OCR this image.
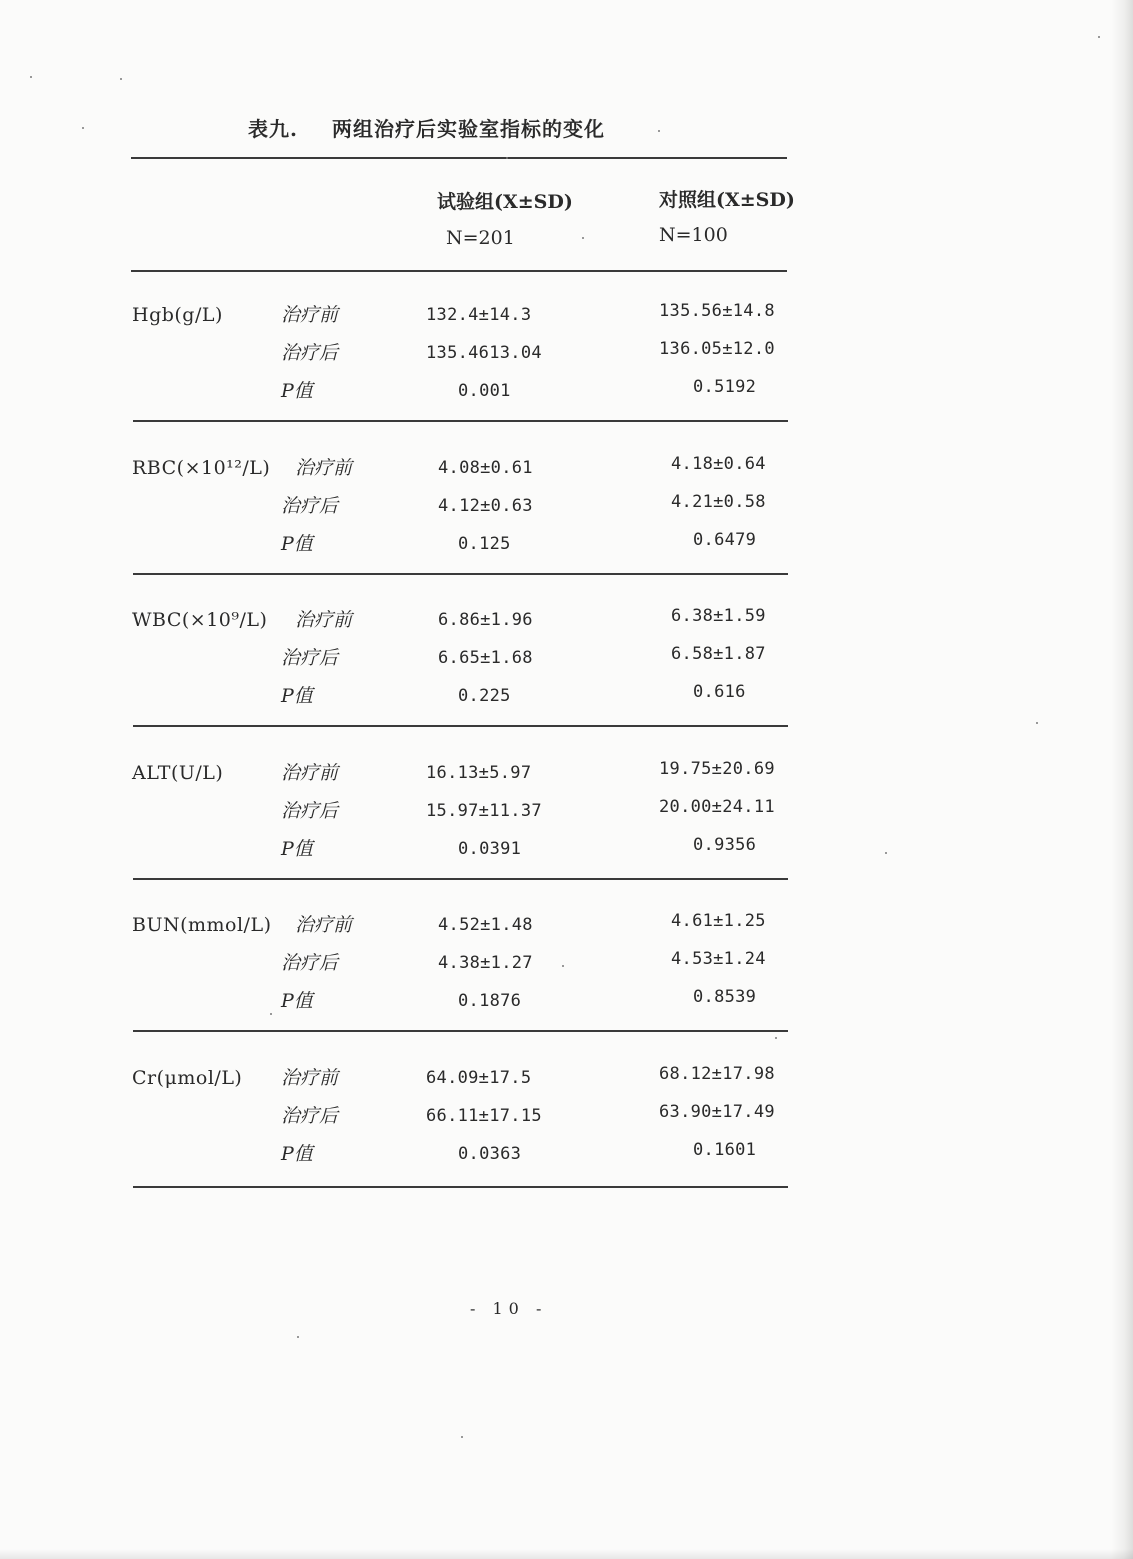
表九. 两组治疗后实验室指标的变化
试验组(X±SD)
N=201
对照组(X±SD)
N=100
Hgb(g/L)	治疗前	132.4±14.3	135.56±14.8
治疗后	135.4613.04	136.05±12.0
P值	0.001	0.5192
RBC(×10¹²/L) 治疗前	4.08±0.61	4.18±0.64
治疗后	4.12±0.63	4.21±0.58
P值	0.125	0.6479
WBC(×10⁹/L) 治疗前	6.86±1.96	6.38±1.59
治疗后	6.65±1.68	6.58±1.87
P值	0.225	0.616
ALT(U/L)	治疗前	16.13±5.97	19.75±20.69
治疗后	15.97±11.37	20.00±24.11
P值	0.0391	0.9356
BUN(mmol/L) 治疗前	4.52±1.48	4.61±1.25
治疗后	4.38±1.27	4.53±1.24
P值	0.1876	0.8539
Cr(μmol/L) 治疗前	64.09±17.5	68.12±17.98
治疗后	66.11±17.15	63.90±17.49
P值	0.0363	0.1601
- 10 -
